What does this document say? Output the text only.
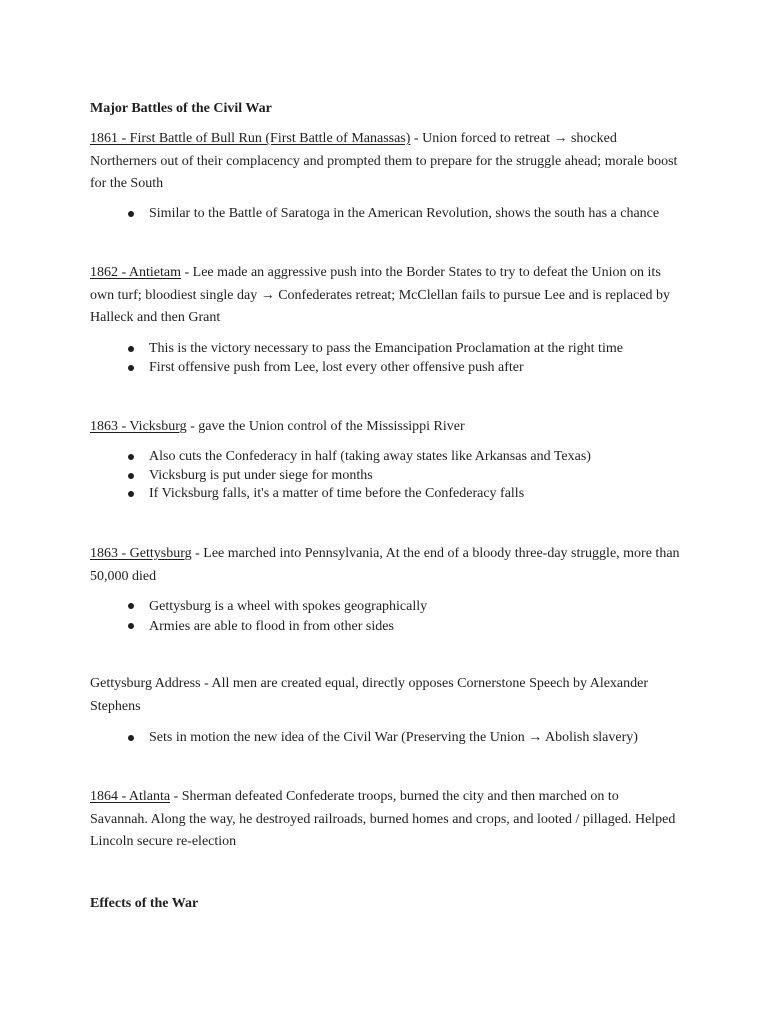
Major Battles of the Civil War
1861 - First Battle of Bull Run (First Battle of Manassas) - Union forced to retreat → shocked Northerners out of their complacency and prompted them to prepare for the struggle ahead; morale boost for the South
Similar to the Battle of Saratoga in the American Revolution, shows the south has a chance
1862 - Antietam - Lee made an aggressive push into the Border States to try to defeat the Union on its own turf; bloodiest single day → Confederates retreat; McClellan fails to pursue Lee and is replaced by Halleck and then Grant
This is the victory necessary to pass the Emancipation Proclamation at the right time
First offensive push from Lee, lost every other offensive push after
1863 - Vicksburg - gave the Union control of the Mississippi River
Also cuts the Confederacy in half (taking away states like Arkansas and Texas)
Vicksburg is put under siege for months
If Vicksburg falls, it's a matter of time before the Confederacy falls
1863 - Gettysburg - Lee marched into Pennsylvania, At the end of a bloody three-day struggle, more than 50,000 died
Gettysburg is a wheel with spokes geographically
Armies are able to flood in from other sides
Gettysburg Address - All men are created equal, directly opposes Cornerstone Speech by Alexander Stephens
Sets in motion the new idea of the Civil War (Preserving the Union → Abolish slavery)
1864 - Atlanta - Sherman defeated Confederate troops, burned the city and then marched on to Savannah. Along the way, he destroyed railroads, burned homes and crops, and looted / pillaged. Helped Lincoln secure re-election
Effects of the War
